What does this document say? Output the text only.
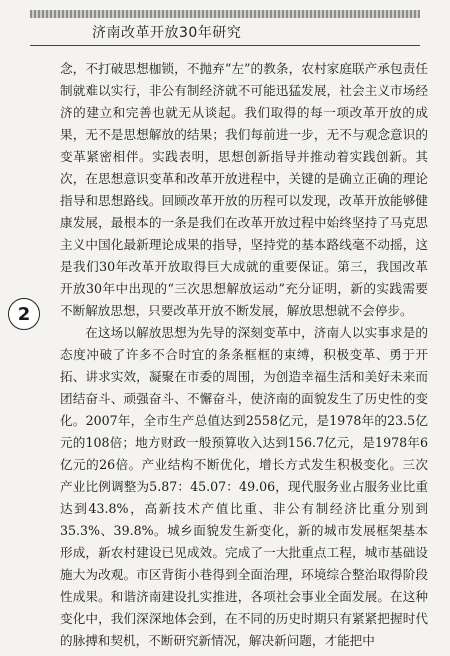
济南改革开放30年研究
2

念，不打破思想枷锁，不抛弃“左”的教条，农村家庭联产承包责任制就难以实行，非公有制经济就不可能迅猛发展，社会主义市场经济的建立和完善也就无从谈起。我们取得的每一项改革开放的成果，无不是思想解放的结果；我们每前进一步，无不与观念意识的变革紧密相伴。实践表明，思想创新指导并推动着实践创新。其次，在思想意识变革和改革开放进程中，关键的是确立正确的理论指导和思想路线。回顾改革开放的历程可以发现，改革开放能够健康发展，最根本的一条是我们在改革开放过程中始终坚持了马克思主义中国化最新理论成果的指导，坚持党的基本路线毫不动摇，这是我们30年改革开放取得巨大成就的重要保证。第三，我国改革开放30年中出现的“三次思想解放运动”充分证明，新的实践需要不断解放思想，只要改革开放不断发展，解放思想就不会停步。

在这场以解放思想为先导的深刻变革中，济南人以实事求是的态度冲破了许多不合时宜的条条框框的束缚，积极变革、勇于开拓、讲求实效，凝聚在市委的周围，为创造幸福生活和美好未来而团结奋斗、顽强奋斗、不懈奋斗，使济南的面貌发生了历史性的变化。2007年，全市生产总值达到2558亿元，是1978年的23.5亿元的108倍；地方财政一般预算收入达到156.7亿元，是1978年6亿元的26倍。产业结构不断优化，增长方式发生积极变化。三次产业比例调整为5.87：45.07：49.06，现代服务业占服务业比重达到43.8%，高新技术产值比重、非公有制经济比重分别到35.3%、39.8%。城乡面貌发生新变化，新的城市发展框架基本形成，新农村建设已见成效。完成了一大批重点工程，城市基础设施大为改观。市区背街小巷得到全面治理，环境综合整治取得阶段性成果。和谐济南建设扎实推进，各项社会事业全面发展。在这种变化中，我们深深地体会到，在不同的历史时期只有紧紧把握时代的脉搏和契机，不断研究新情况，解决新问题，才能把中
